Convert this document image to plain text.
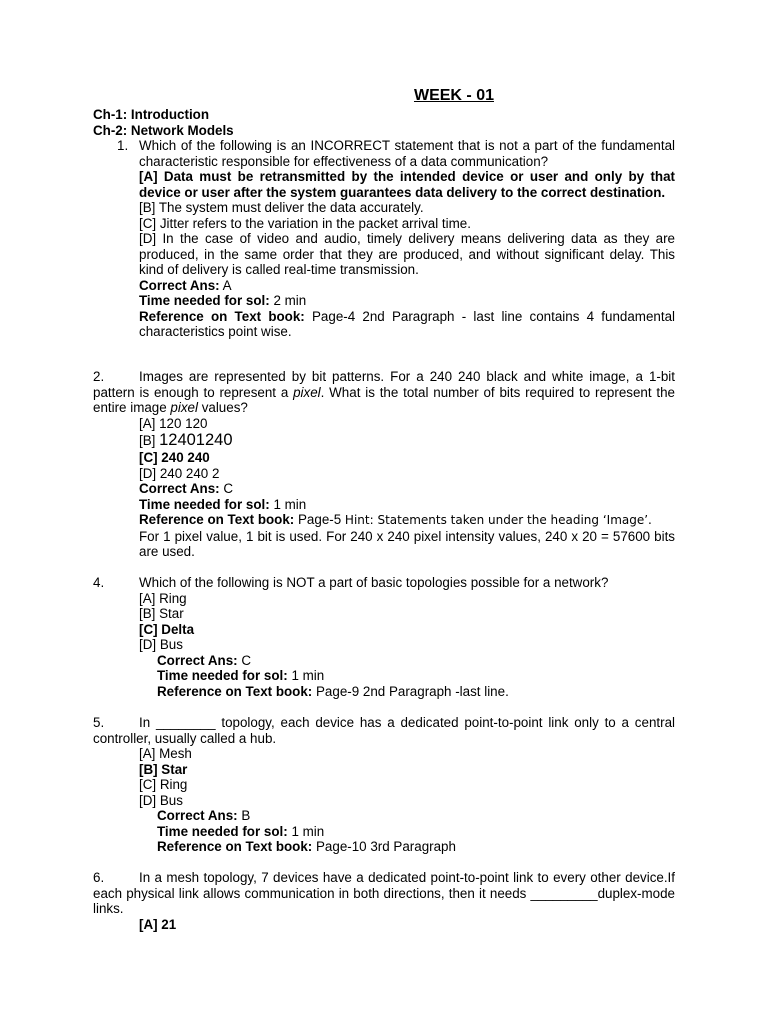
WEEK - 01
Ch-1: Introduction
Ch-2: Network Models
1. Which of the following is an INCORRECT statement that is not a part of the fundamental characteristic responsible for effectiveness of a data communication?
[A] Data must be retransmitted by the intended device or user and only by that device or user after the system guarantees data delivery to the correct destination.
[B] The system must deliver the data accurately.
[C] Jitter refers to the variation in the packet arrival time.
[D] In the case of video and audio, timely delivery means delivering data as they are produced, in the same order that they are produced, and without significant delay. This kind of delivery is called real-time transmission.
Correct Ans: A
Time needed for sol: 2 min
Reference on Text book: Page-4 2nd Paragraph - last line contains 4 fundamental characteristics point wise.
2.	Images are represented by bit patterns. For a 240 240 black and white image, a 1-bit pattern is enough to represent a pixel. What is the total number of bits required to represent the entire image pixel values?
[A] 120 120
[B] 12401240
[C] 240 240
[D] 240 240 2
Correct Ans: C
Time needed for sol: 1 min
Reference on Text book: Page-5 Hint: Statements taken under the heading ‘Image’.
For 1 pixel value, 1 bit is used. For 240 x 240 pixel intensity values, 240 x 20 = 57600 bits are used.
4.	Which of the following is NOT a part of basic topologies possible for a network?
[A] Ring
[B] Star
[C] Delta
[D] Bus
Correct Ans: C
Time needed for sol: 1 min
Reference on Text book: Page-9 2nd Paragraph -last line.
5.	In ________ topology, each device has a dedicated point-to-point link only to a central controller, usually called a hub.
[A] Mesh
[B] Star
[C] Ring
[D] Bus
Correct Ans: B
Time needed for sol: 1 min
Reference on Text book: Page-10 3rd Paragraph
6.	In a mesh topology, 7 devices have a dedicated point-to-point link to every other device.If each physical link allows communication in both directions, then it needs _________duplex-mode links.
[A] 21
